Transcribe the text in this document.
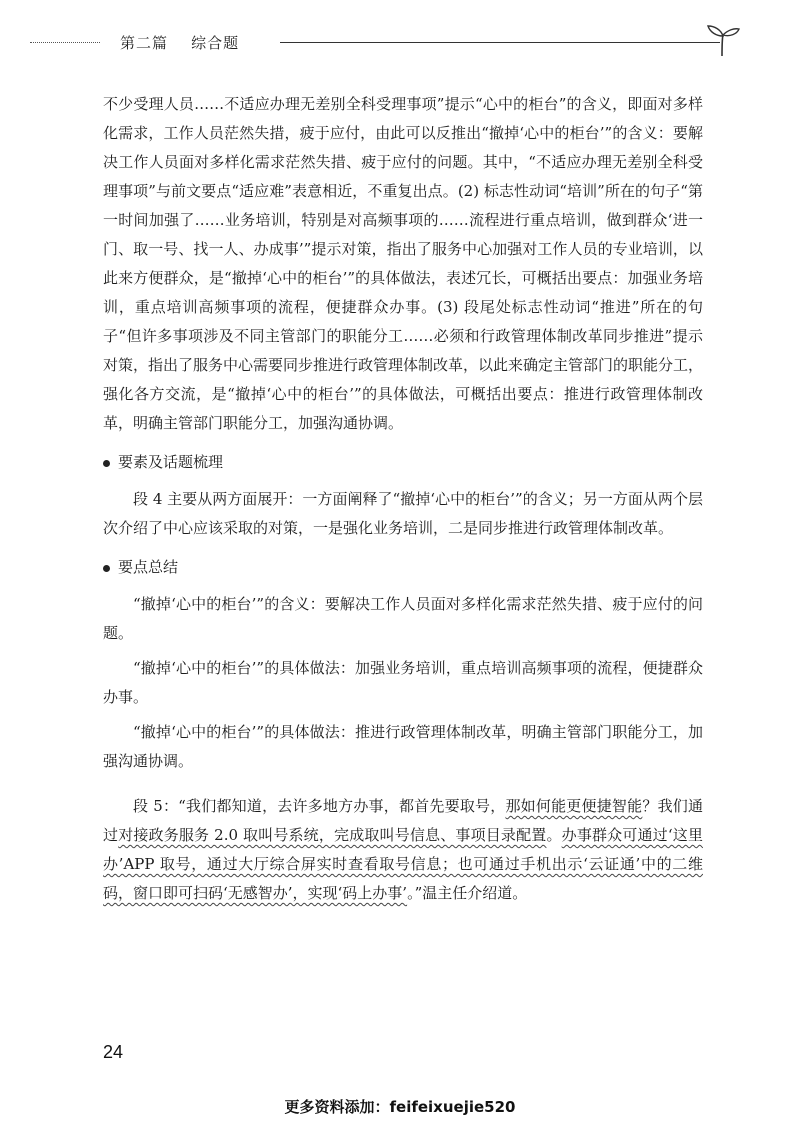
第二篇 综合题

不少受理人员……不适应办理无差别全科受理事项”提示“心中的柜台”的含义，即面对多样化需求，工作人员茫然失措，疲于应付，由此可以反推出“撤掉‘心中的柜台’”的含义：要解决工作人员面对多样化需求茫然失措、疲于应付的问题。其中，“不适应办理无差别全科受理事项”与前文要点“适应难”表意相近，不重复出点。(2) 标志性动词“培训”所在的句子“第一时间加强了……业务培训，特别是对高频事项的……流程进行重点培训，做到群众‘进一门、取一号、找一人、办成事’”提示对策，指出了服务中心加强对工作人员的专业培训，以此来方便群众，是“撤掉‘心中的柜台’”的具体做法，表述冗长，可概括出要点：加强业务培训，重点培训高频事项的流程，便捷群众办事。(3) 段尾处标志性动词“推进”所在的句子“但许多事项涉及不同主管部门的职能分工……必须和行政管理体制改革同步推进”提示对策，指出了服务中心需要同步推进行政管理体制改革，以此来确定主管部门的职能分工，强化各方交流，是“撤掉‘心中的柜台’”的具体做法，可概括出要点：推进行政管理体制改革，明确主管部门职能分工，加强沟通协调。

要素及话题梳理

段 4 主要从两方面展开：一方面阐释了“撤掉‘心中的柜台’”的含义；另一方面从两个层次介绍了中心应该采取的对策，一是强化业务培训，二是同步推进行政管理体制改革。

要点总结

“撤掉‘心中的柜台’”的含义：要解决工作人员面对多样化需求茫然失措、疲于应付的问题。

“撤掉‘心中的柜台’”的具体做法：加强业务培训，重点培训高频事项的流程，便捷群众办事。

“撤掉‘心中的柜台’”的具体做法：推进行政管理体制改革，明确主管部门职能分工，加强沟通协调。

段 5：“我们都知道，去许多地方办事，都首先要取号，那如何能更便捷智能？我们通过对接政务服务 2.0 取叫号系统，完成取叫号信息、事项目录配置。办事群众可通过‘这里办’APP 取号，通过大厅综合屏实时查看取号信息；也可通过手机出示‘云证通’中的二维码，窗口即可扫码‘无感智办’，实现‘码上办事’。”温主任介绍道。

24
更多资料添加：feifeixuejie520
